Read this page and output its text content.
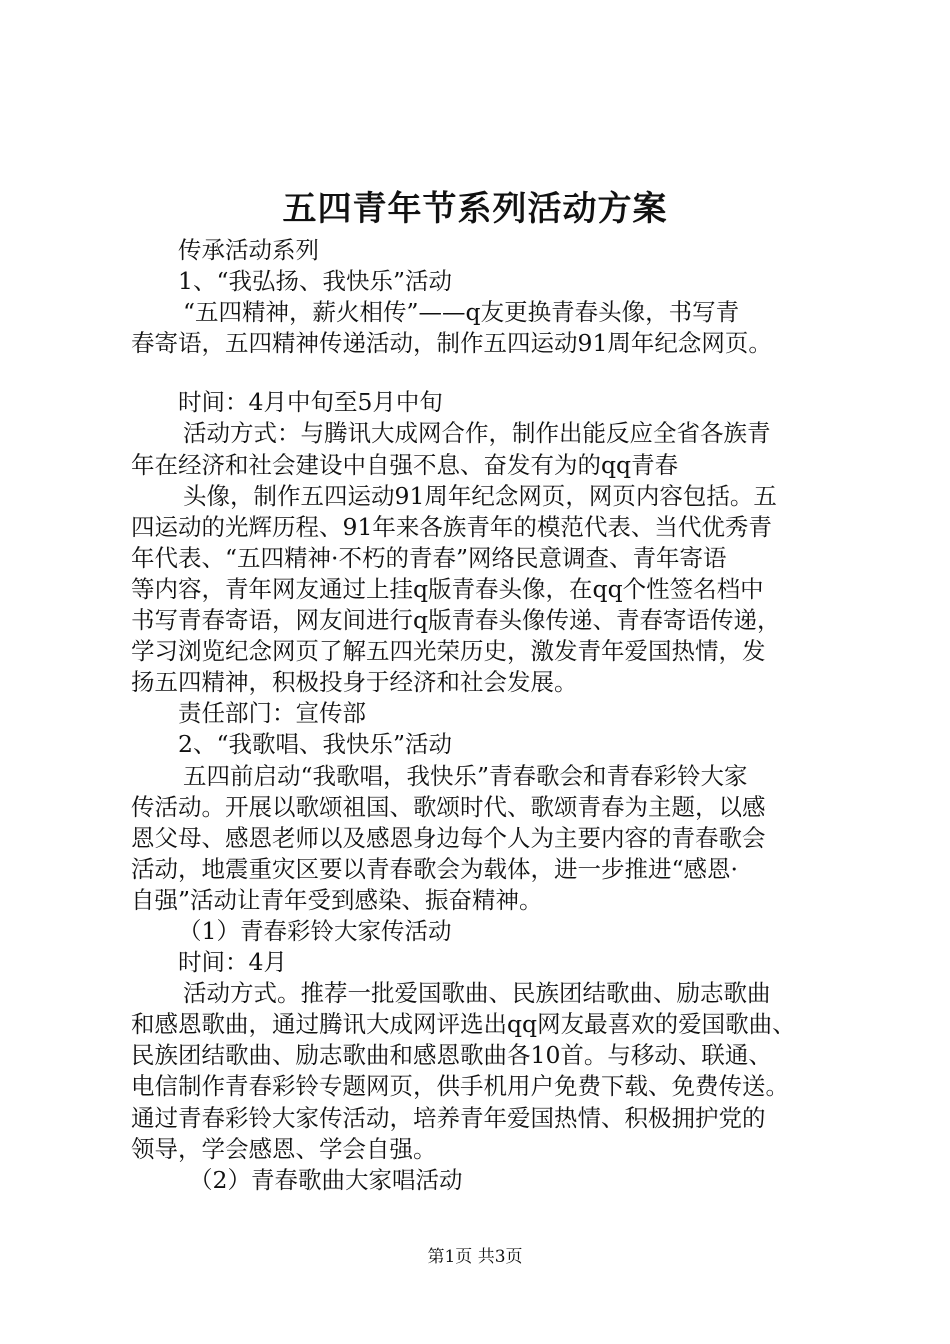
五四青年节系列活动方案
传承活动系列
1、“我弘扬、我快乐”活动
“五四精神，薪火相传”——q友更换青春头像，书写青
春寄语，五四精神传递活动，制作五四运动91周年纪念网页。
时间：4月中旬至5月中旬
活动方式：与腾讯大成网合作，制作出能反应全省各族青
年在经济和社会建设中自强不息、奋发有为的qq青春
头像，制作五四运动91周年纪念网页，网页内容包括。五
四运动的光辉历程、91年来各族青年的模范代表、当代优秀青
年代表、“五四精神·不朽的青春”网络民意调查、青年寄语
等内容，青年网友通过上挂q版青春头像，在qq个性签名档中
书写青春寄语，网友间进行q版青春头像传递、青春寄语传递，
学习浏览纪念网页了解五四光荣历史，激发青年爱国热情，发
扬五四精神，积极投身于经济和社会发展。
责任部门：宣传部
2、“我歌唱、我快乐”活动
五四前启动“我歌唱，我快乐”青春歌会和青春彩铃大家
传活动。开展以歌颂祖国、歌颂时代、歌颂青春为主题，以感
恩父母、感恩老师以及感恩身边每个人为主要内容的青春歌会
活动，地震重灾区要以青春歌会为载体，进一步推进“感恩·
自强”活动让青年受到感染、振奋精神。
（1）青春彩铃大家传活动
时间：4月
活动方式。推荐一批爱国歌曲、民族团结歌曲、励志歌曲
和感恩歌曲，通过腾讯大成网评选出qq网友最喜欢的爱国歌曲、
民族团结歌曲、励志歌曲和感恩歌曲各10首。与移动、联通、
电信制作青春彩铃专题网页，供手机用户免费下载、免费传送。
通过青春彩铃大家传活动，培养青年爱国热情、积极拥护党的
领导，学会感恩、学会自强。
（2）青春歌曲大家唱活动
第1页 共3页
